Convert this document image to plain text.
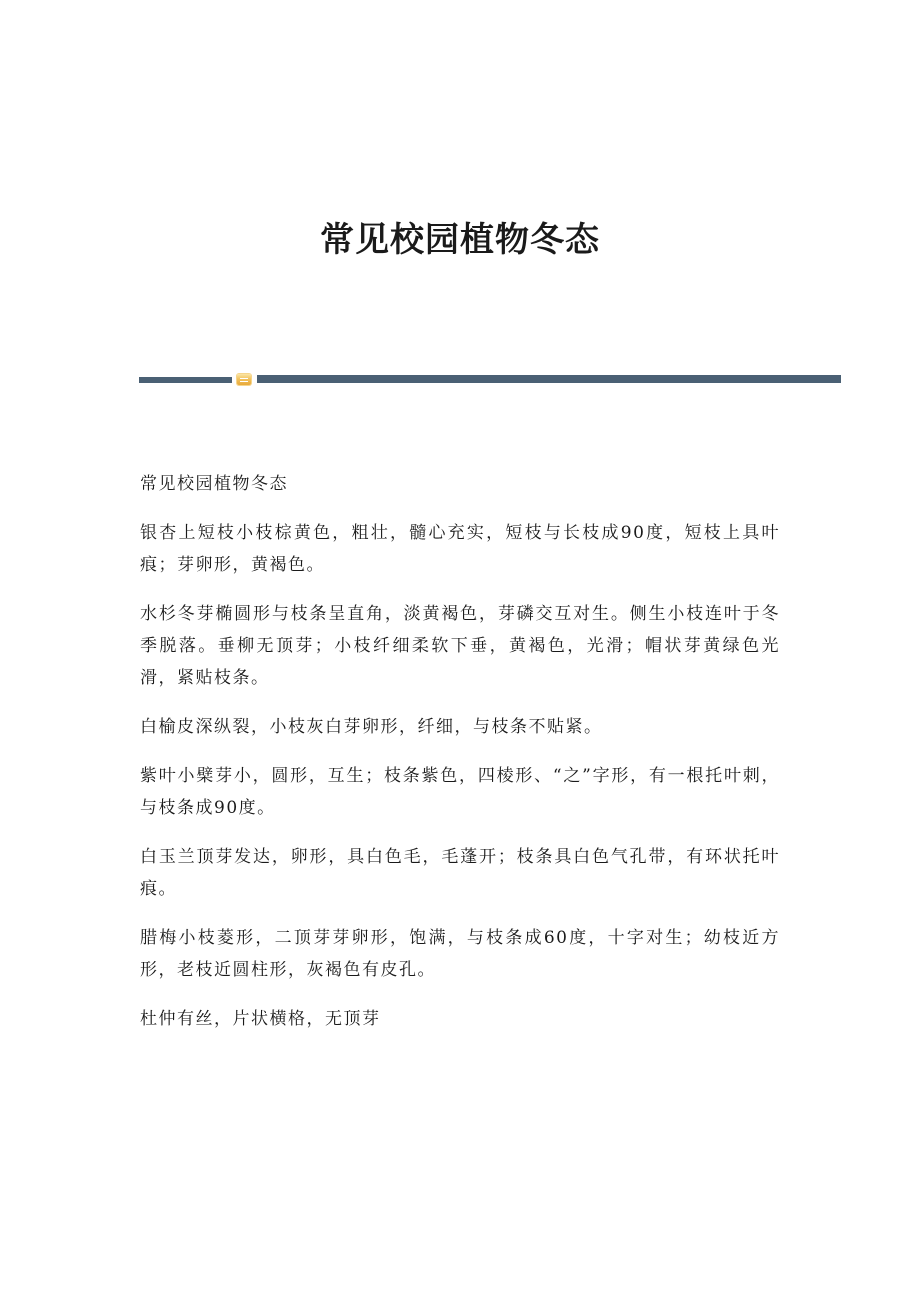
常见校园植物冬态

常见校园植物冬态

银杏上短枝小枝棕黄色，粗壮，髓心充实，短枝与长枝成90度，短枝上具叶痕；芽卵形，黄褐色。

水杉冬芽椭圆形与枝条呈直角，淡黄褐色，芽磷交互对生。侧生小枝连叶于冬季脱落。垂柳无顶芽；小枝纤细柔软下垂，黄褐色，光滑；帽状芽黄绿色光滑，紧贴枝条。

白榆皮深纵裂，小枝灰白芽卵形，纤细，与枝条不贴紧。

紫叶小檗芽小，圆形，互生；枝条紫色，四棱形、“之”字形，有一根托叶刺，与枝条成90度。

白玉兰顶芽发达，卵形，具白色毛，毛蓬开；枝条具白色气孔带，有环状托叶痕。

腊梅小枝菱形，二顶芽芽卵形，饱满，与枝条成60度，十字对生；幼枝近方形，老枝近圆柱形，灰褐色有皮孔。

杜仲有丝，片状横格，无顶芽
